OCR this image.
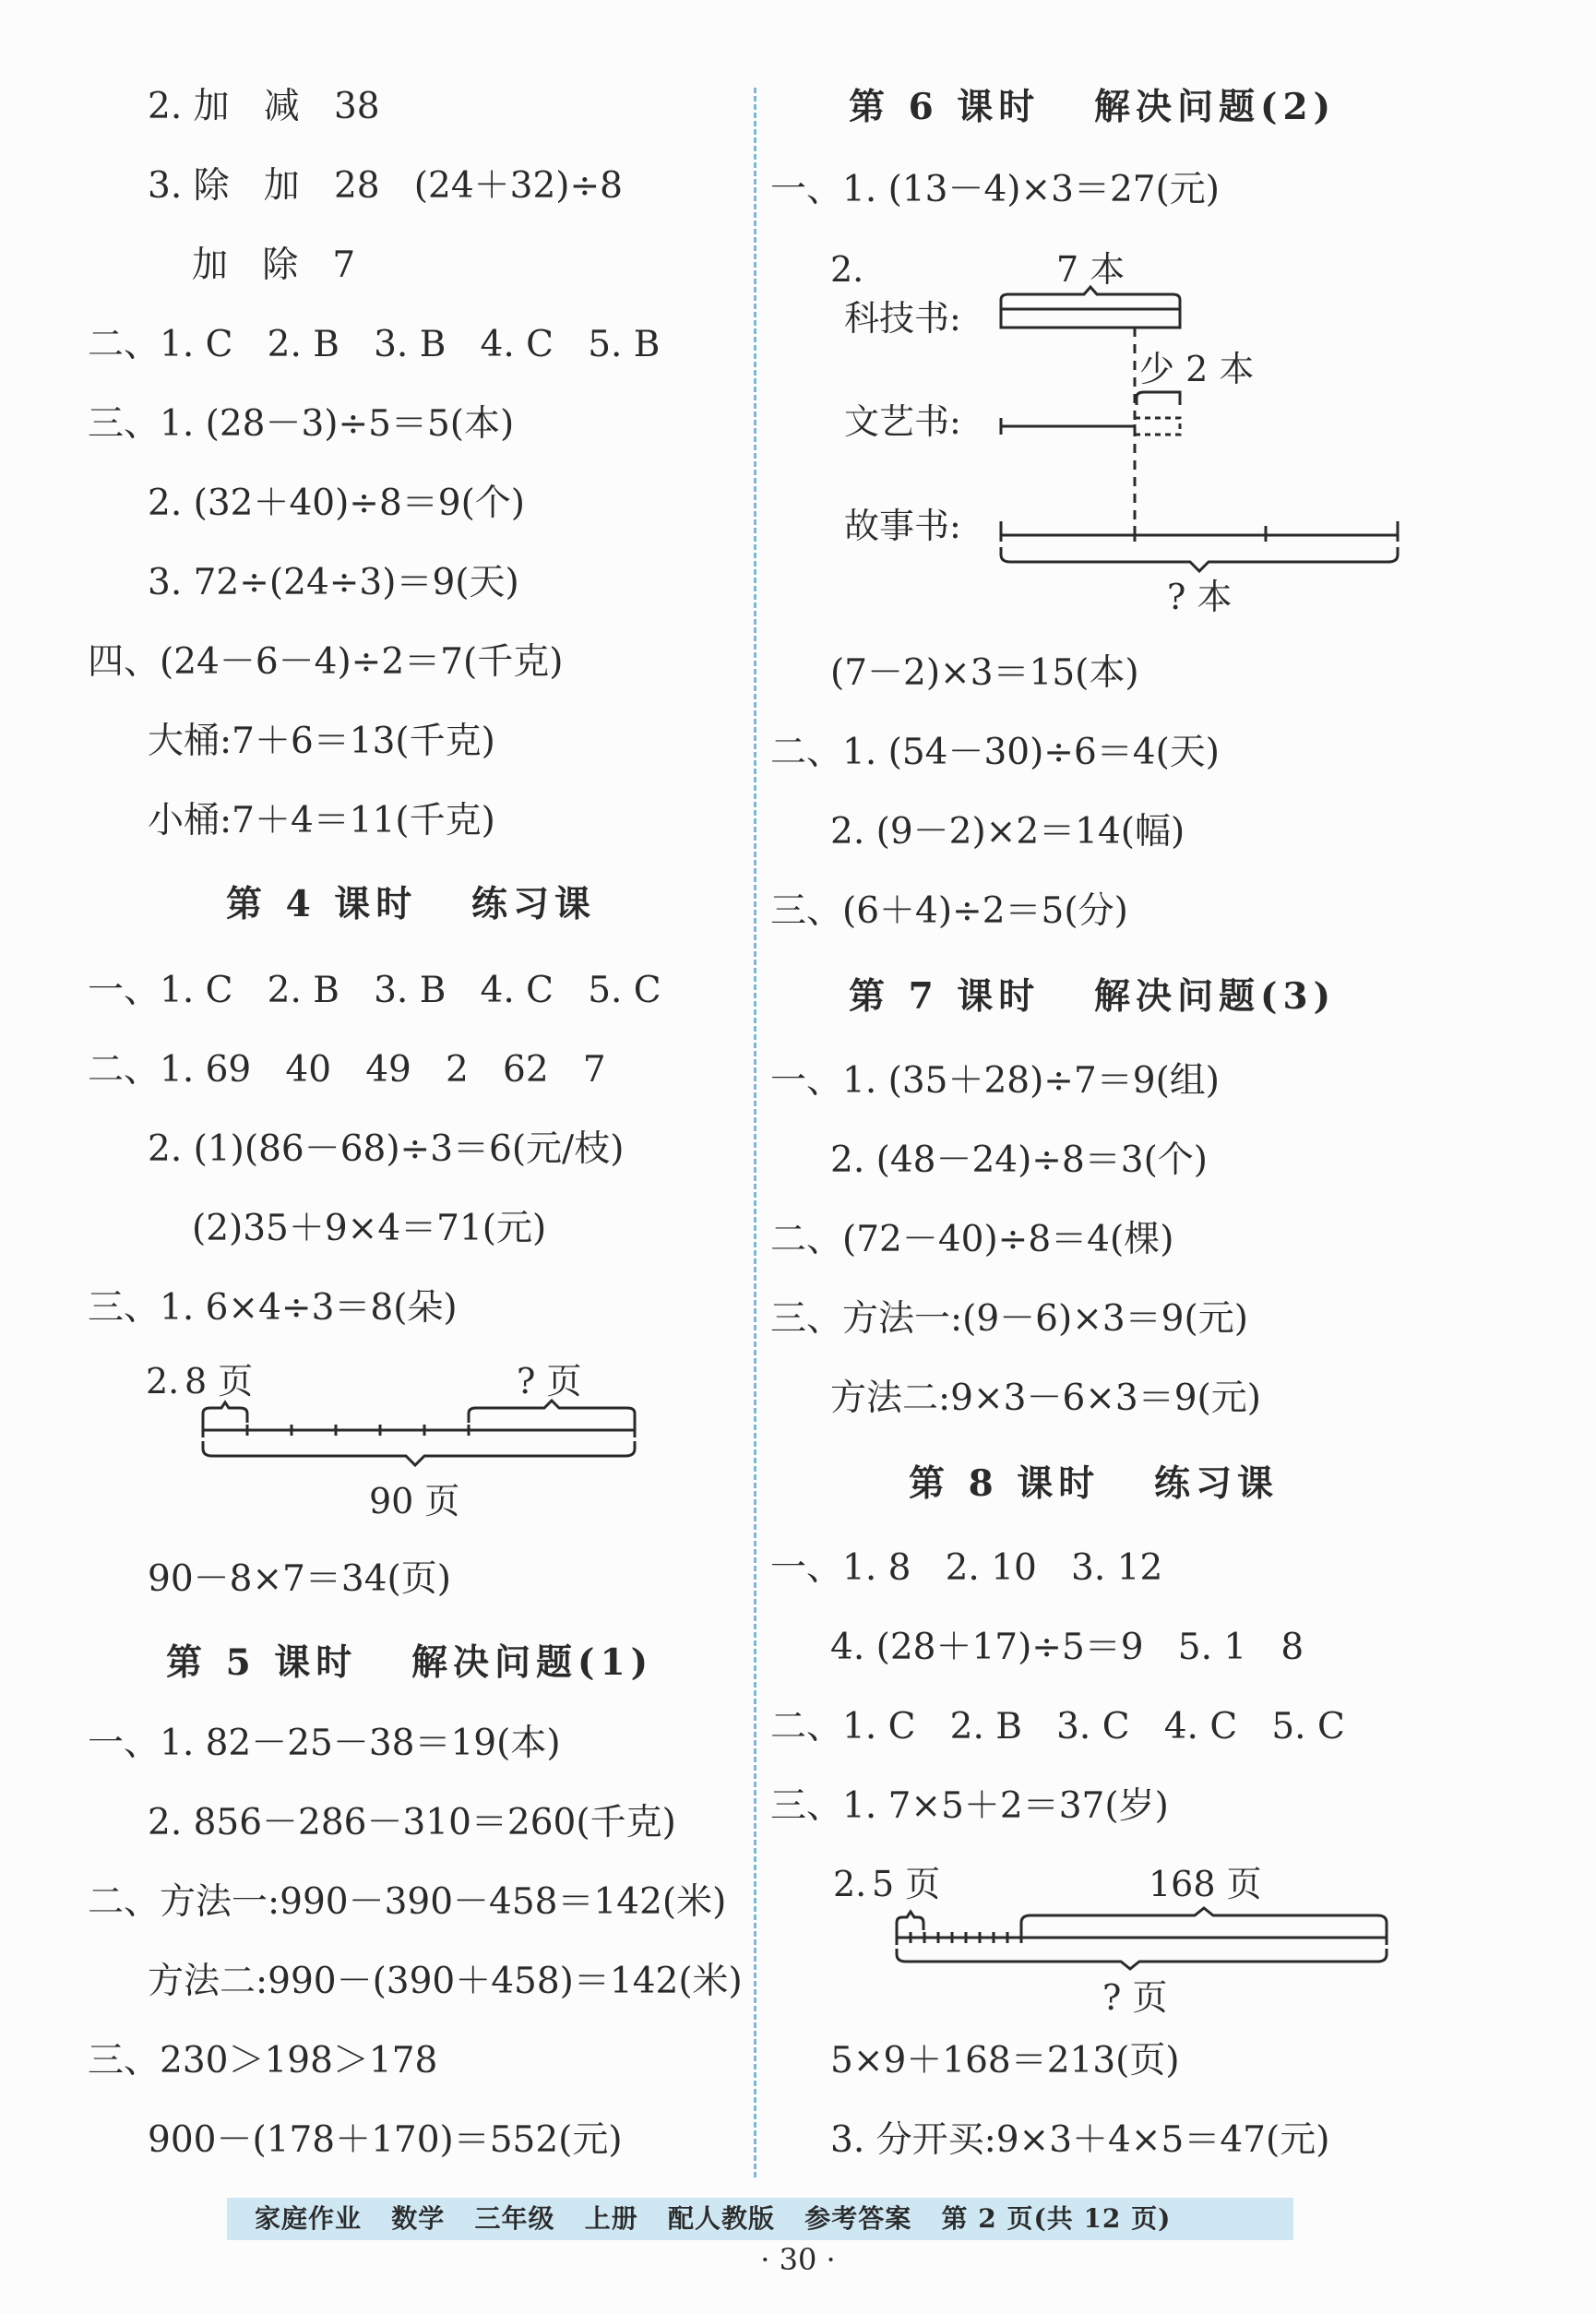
2. 加   减   38
3. 除   加   28   (24＋32)÷8
加   除   7
二、1. C   2. B   3. B   4. C   5. B
三、1. (28－3)÷5＝5(本)
2. (32＋40)÷8＝9(个)
3. 72÷(24÷3)＝9(天)
四、(24－6－4)÷2＝7(千克)
大桶:7＋6＝13(千克)
小桶:7＋4＝11(千克)
第 4 课时   练习课
一、1. C   2. B   3. B   4. C   5. C
二、1. 69   40   49   2   62   7
2. (1)(86－68)÷3＝6(元/枝)
(2)35＋9×4＝71(元)
三、1. 6×4÷3＝8(朵)
2. 8 页	? 页
90 页
90－8×7＝34(页)
第 5 课时   解决问题(1)
一、1. 82－25－38＝19(本)
2. 856－286－310＝260(千克)
二、方法一:990－390－458＝142(米)
方法二:990－(390＋458)＝142(米)
三、230＞198＞178
900－(178＋170)＝552(元)
第 6 课时   解决问题(2)
一、1. (13－4)×3＝27(元)
2.	7 本
科技书:
少 2 本
文艺书:
故事书:
? 本
(7－2)×3＝15(本)
二、1. (54－30)÷6＝4(天)
2. (9－2)×2＝14(幅)
三、(6＋4)÷2＝5(分)
第 7 课时   解决问题(3)
一、1. (35＋28)÷7＝9(组)
2. (48－24)÷8＝3(个)
二、(72－40)÷8＝4(棵)
三、方法一:(9－6)×3＝9(元)
方法二:9×3－6×3＝9(元)
第 8 课时   练习课
一、1. 8   2. 10   3. 12
4. (28＋17)÷5＝9   5. 1   8
二、1. C   2. B   3. C   4. C   5. C
三、1. 7×5＋2＝37(岁)
2. 5 页	168 页
? 页
5×9＋168＝213(页)
3. 分开买:9×3＋4×5＝47(元)
家庭作业   数学   三年级   上册   配人教版   参考答案   第 2 页(共 12 页)
· 30 ·
